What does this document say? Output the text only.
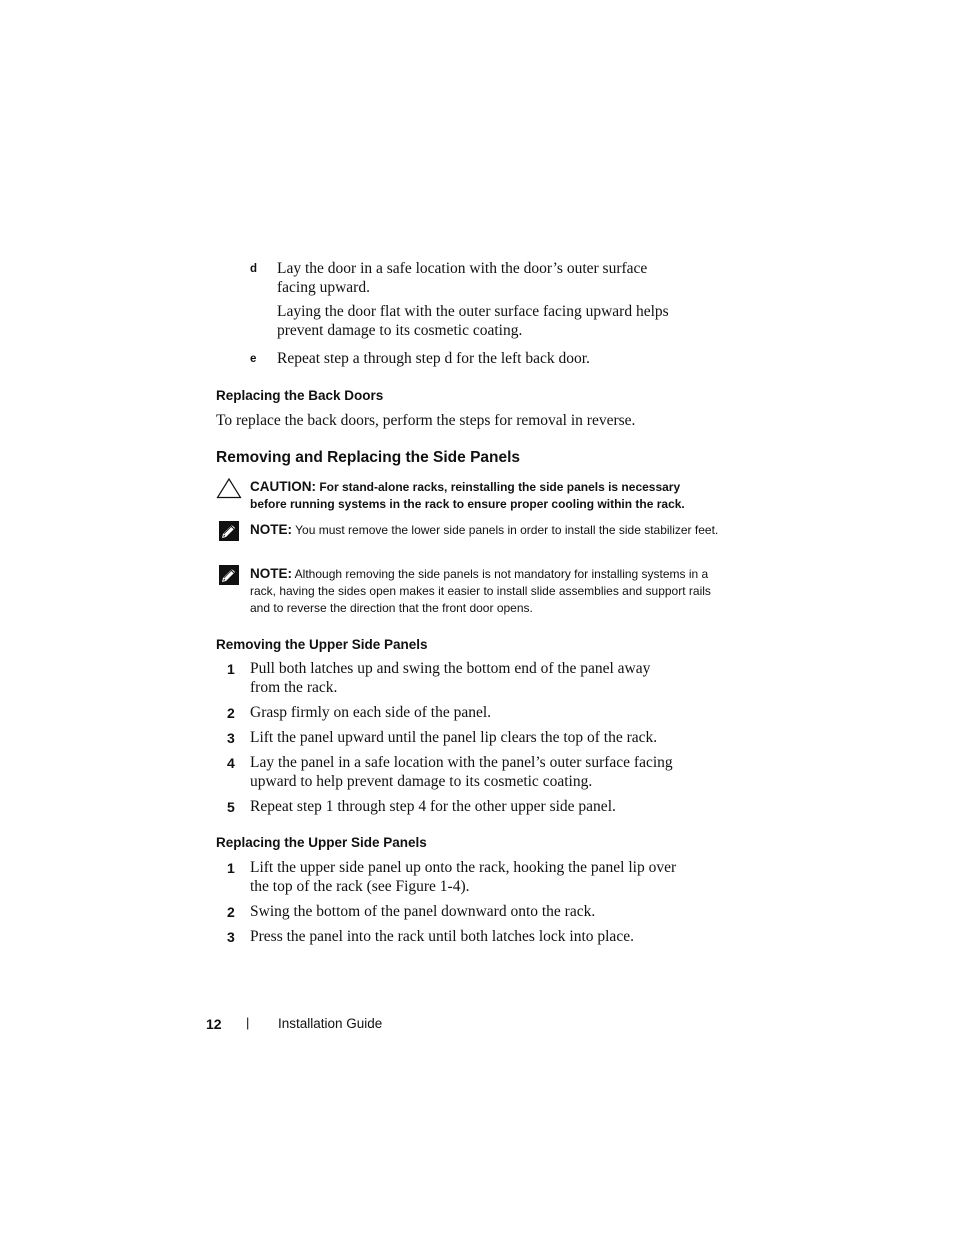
d Lay the door in a safe location with the door’s outer surface facing upward.
Laying the door flat with the outer surface facing upward helps prevent damage to its cosmetic coating.
e Repeat step a through step d for the left back door.
Replacing the Back Doors
To replace the back doors, perform the steps for removal in reverse.
Removing and Replacing the Side Panels
CAUTION: For stand-alone racks, reinstalling the side panels is necessary before running systems in the rack to ensure proper cooling within the rack.
NOTE: You must remove the lower side panels in order to install the side stabilizer feet.
NOTE: Although removing the side panels is not mandatory for installing systems in a rack, having the sides open makes it easier to install slide assemblies and support rails and to reverse the direction that the front door opens.
Removing the Upper Side Panels
1 Pull both latches up and swing the bottom end of the panel away from the rack.
2 Grasp firmly on each side of the panel.
3 Lift the panel upward until the panel lip clears the top of the rack.
4 Lay the panel in a safe location with the panel’s outer surface facing upward to help prevent damage to its cosmetic coating.
5 Repeat step 1 through step 4 for the other upper side panel.
Replacing the Upper Side Panels
1 Lift the upper side panel up onto the rack, hooking the panel lip over the top of the rack (see Figure 1-4).
2 Swing the bottom of the panel downward onto the rack.
3 Press the panel into the rack until both latches lock into place.
12 | Installation Guide
